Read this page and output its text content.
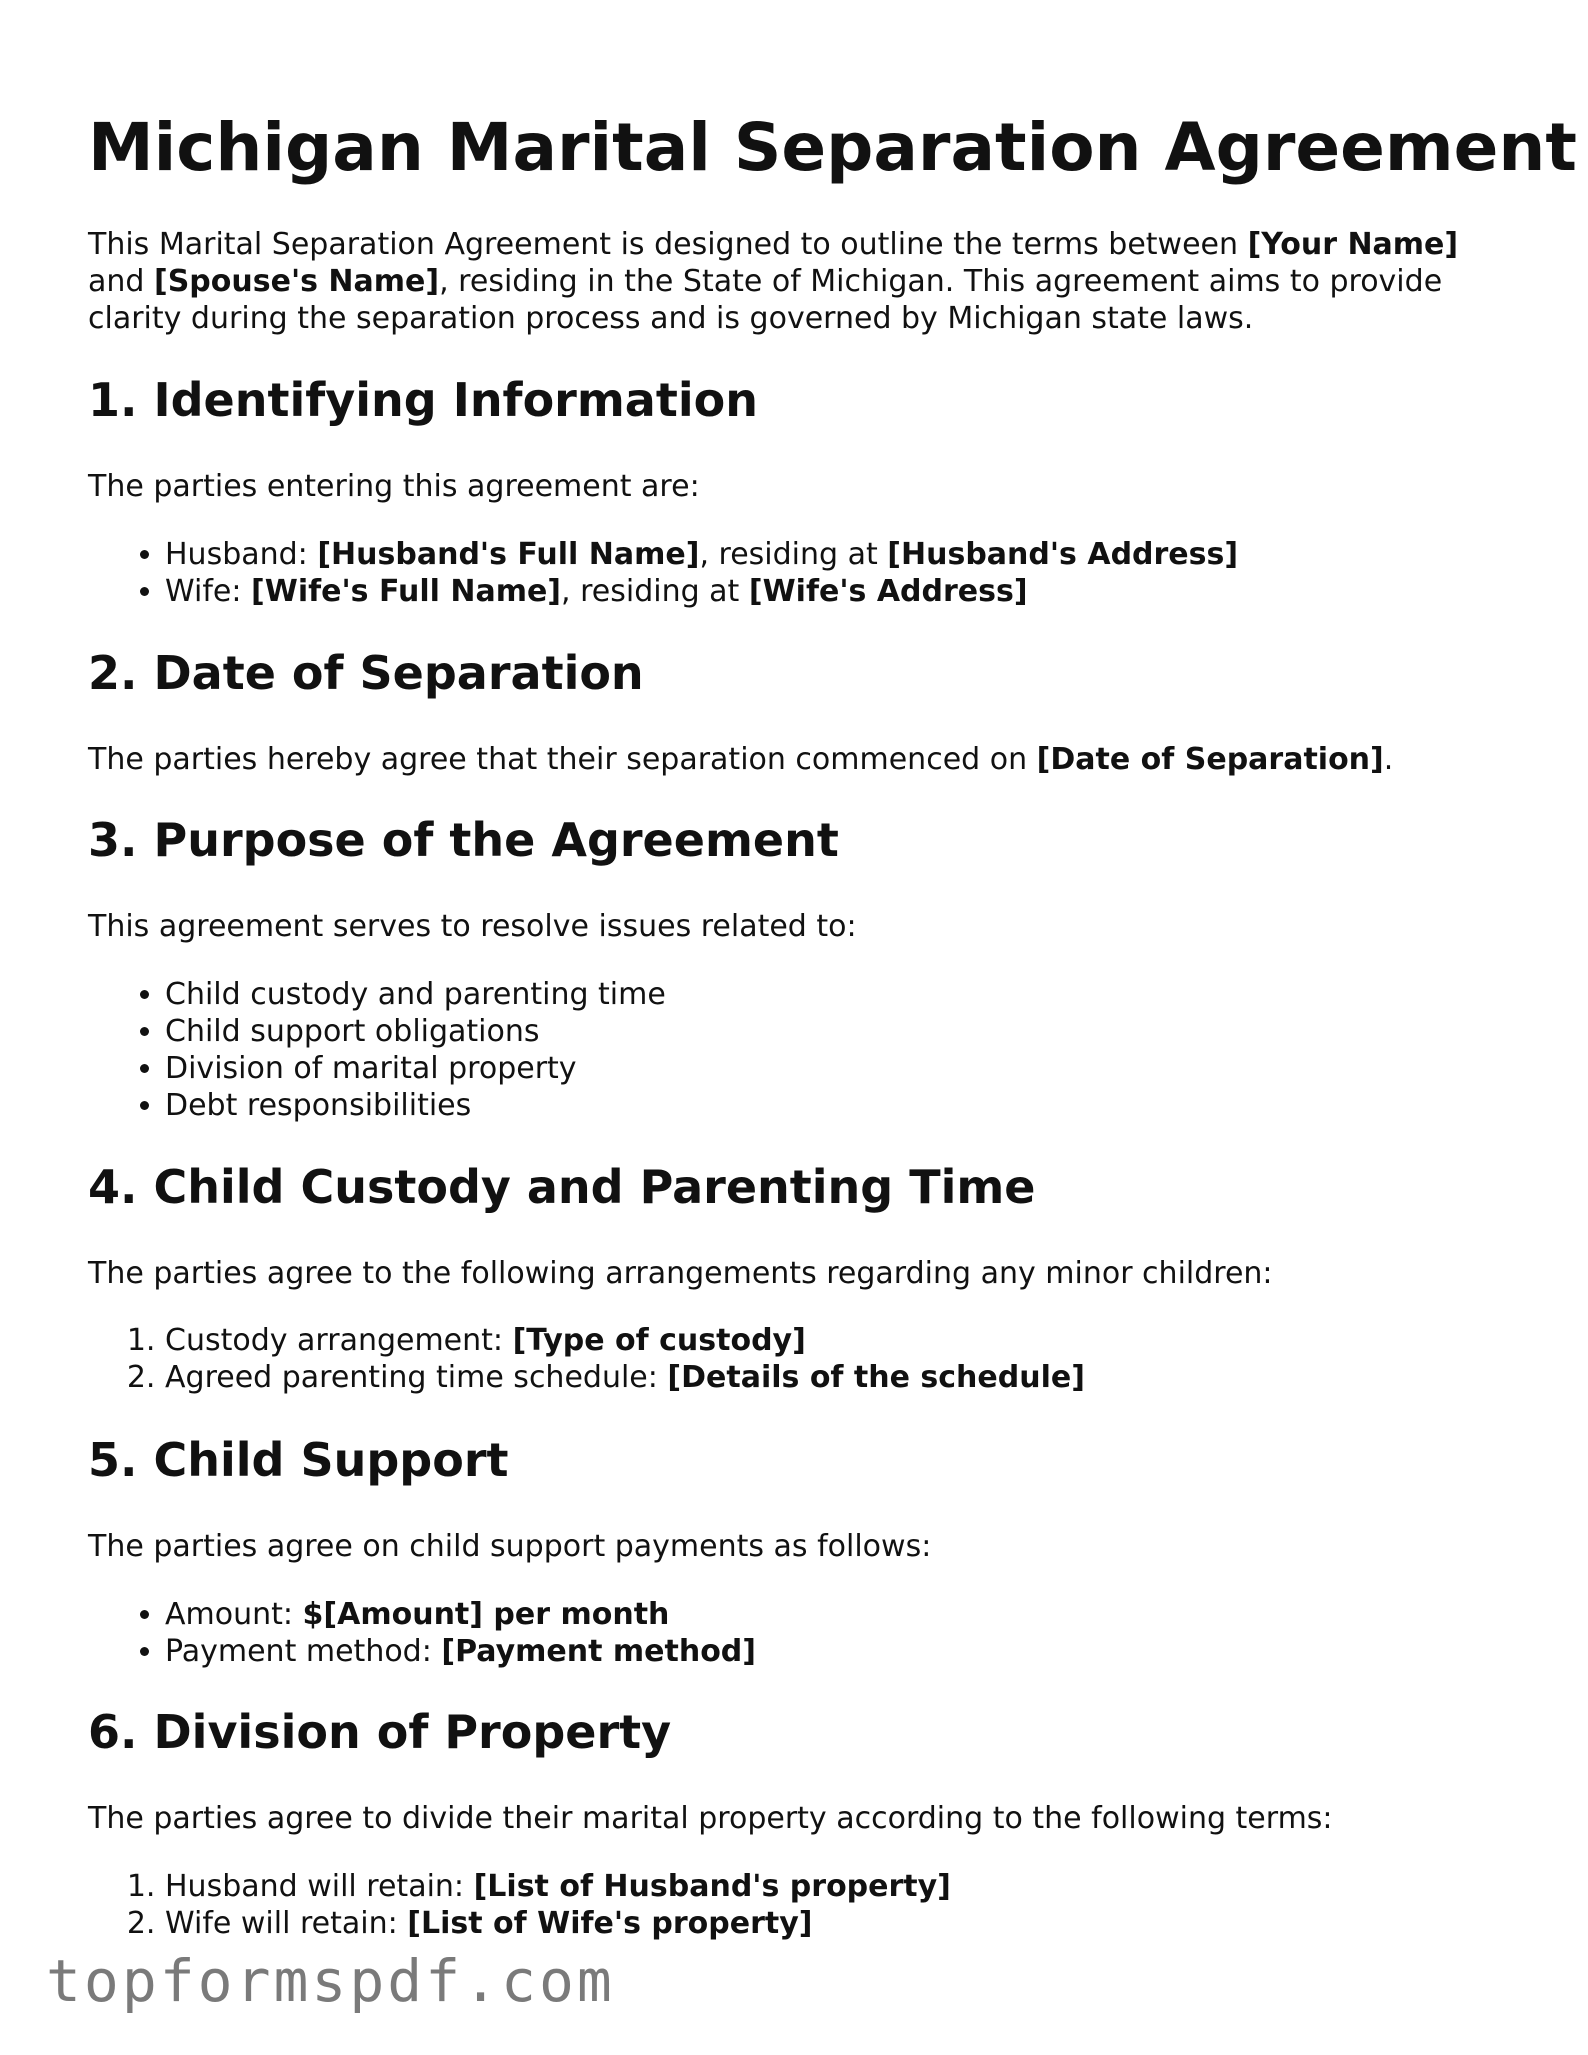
Michigan Marital Separation Agreement

This Marital Separation Agreement is designed to outline the terms between [Your Name] and [Spouse's Name], residing in the State of Michigan. This agreement aims to provide clarity during the separation process and is governed by Michigan state laws.

1. Identifying Information

The parties entering this agreement are:

• Husband: [Husband's Full Name], residing at [Husband's Address]
• Wife: [Wife's Full Name], residing at [Wife's Address]
2. Date of Separation

The parties hereby agree that their separation commenced on [Date of Separation].

3. Purpose of the Agreement

This agreement serves to resolve issues related to:

• Child custody and parenting time
• Child support obligations
• Division of marital property
• Debt responsibilities
4. Child Custody and Parenting Time

The parties agree to the following arrangements regarding any minor children:

1. Custody arrangement: [Type of custody]
2. Agreed parenting time schedule: [Details of the schedule]
5. Child Support

The parties agree on child support payments as follows:

• Amount: $[Amount] per month
• Payment method: [Payment method]
6. Division of Property

The parties agree to divide their marital property according to the following terms:

1. Husband will retain: [List of Husband's property]
2. Wife will retain: [List of Wife's property]
topformspdf.com
